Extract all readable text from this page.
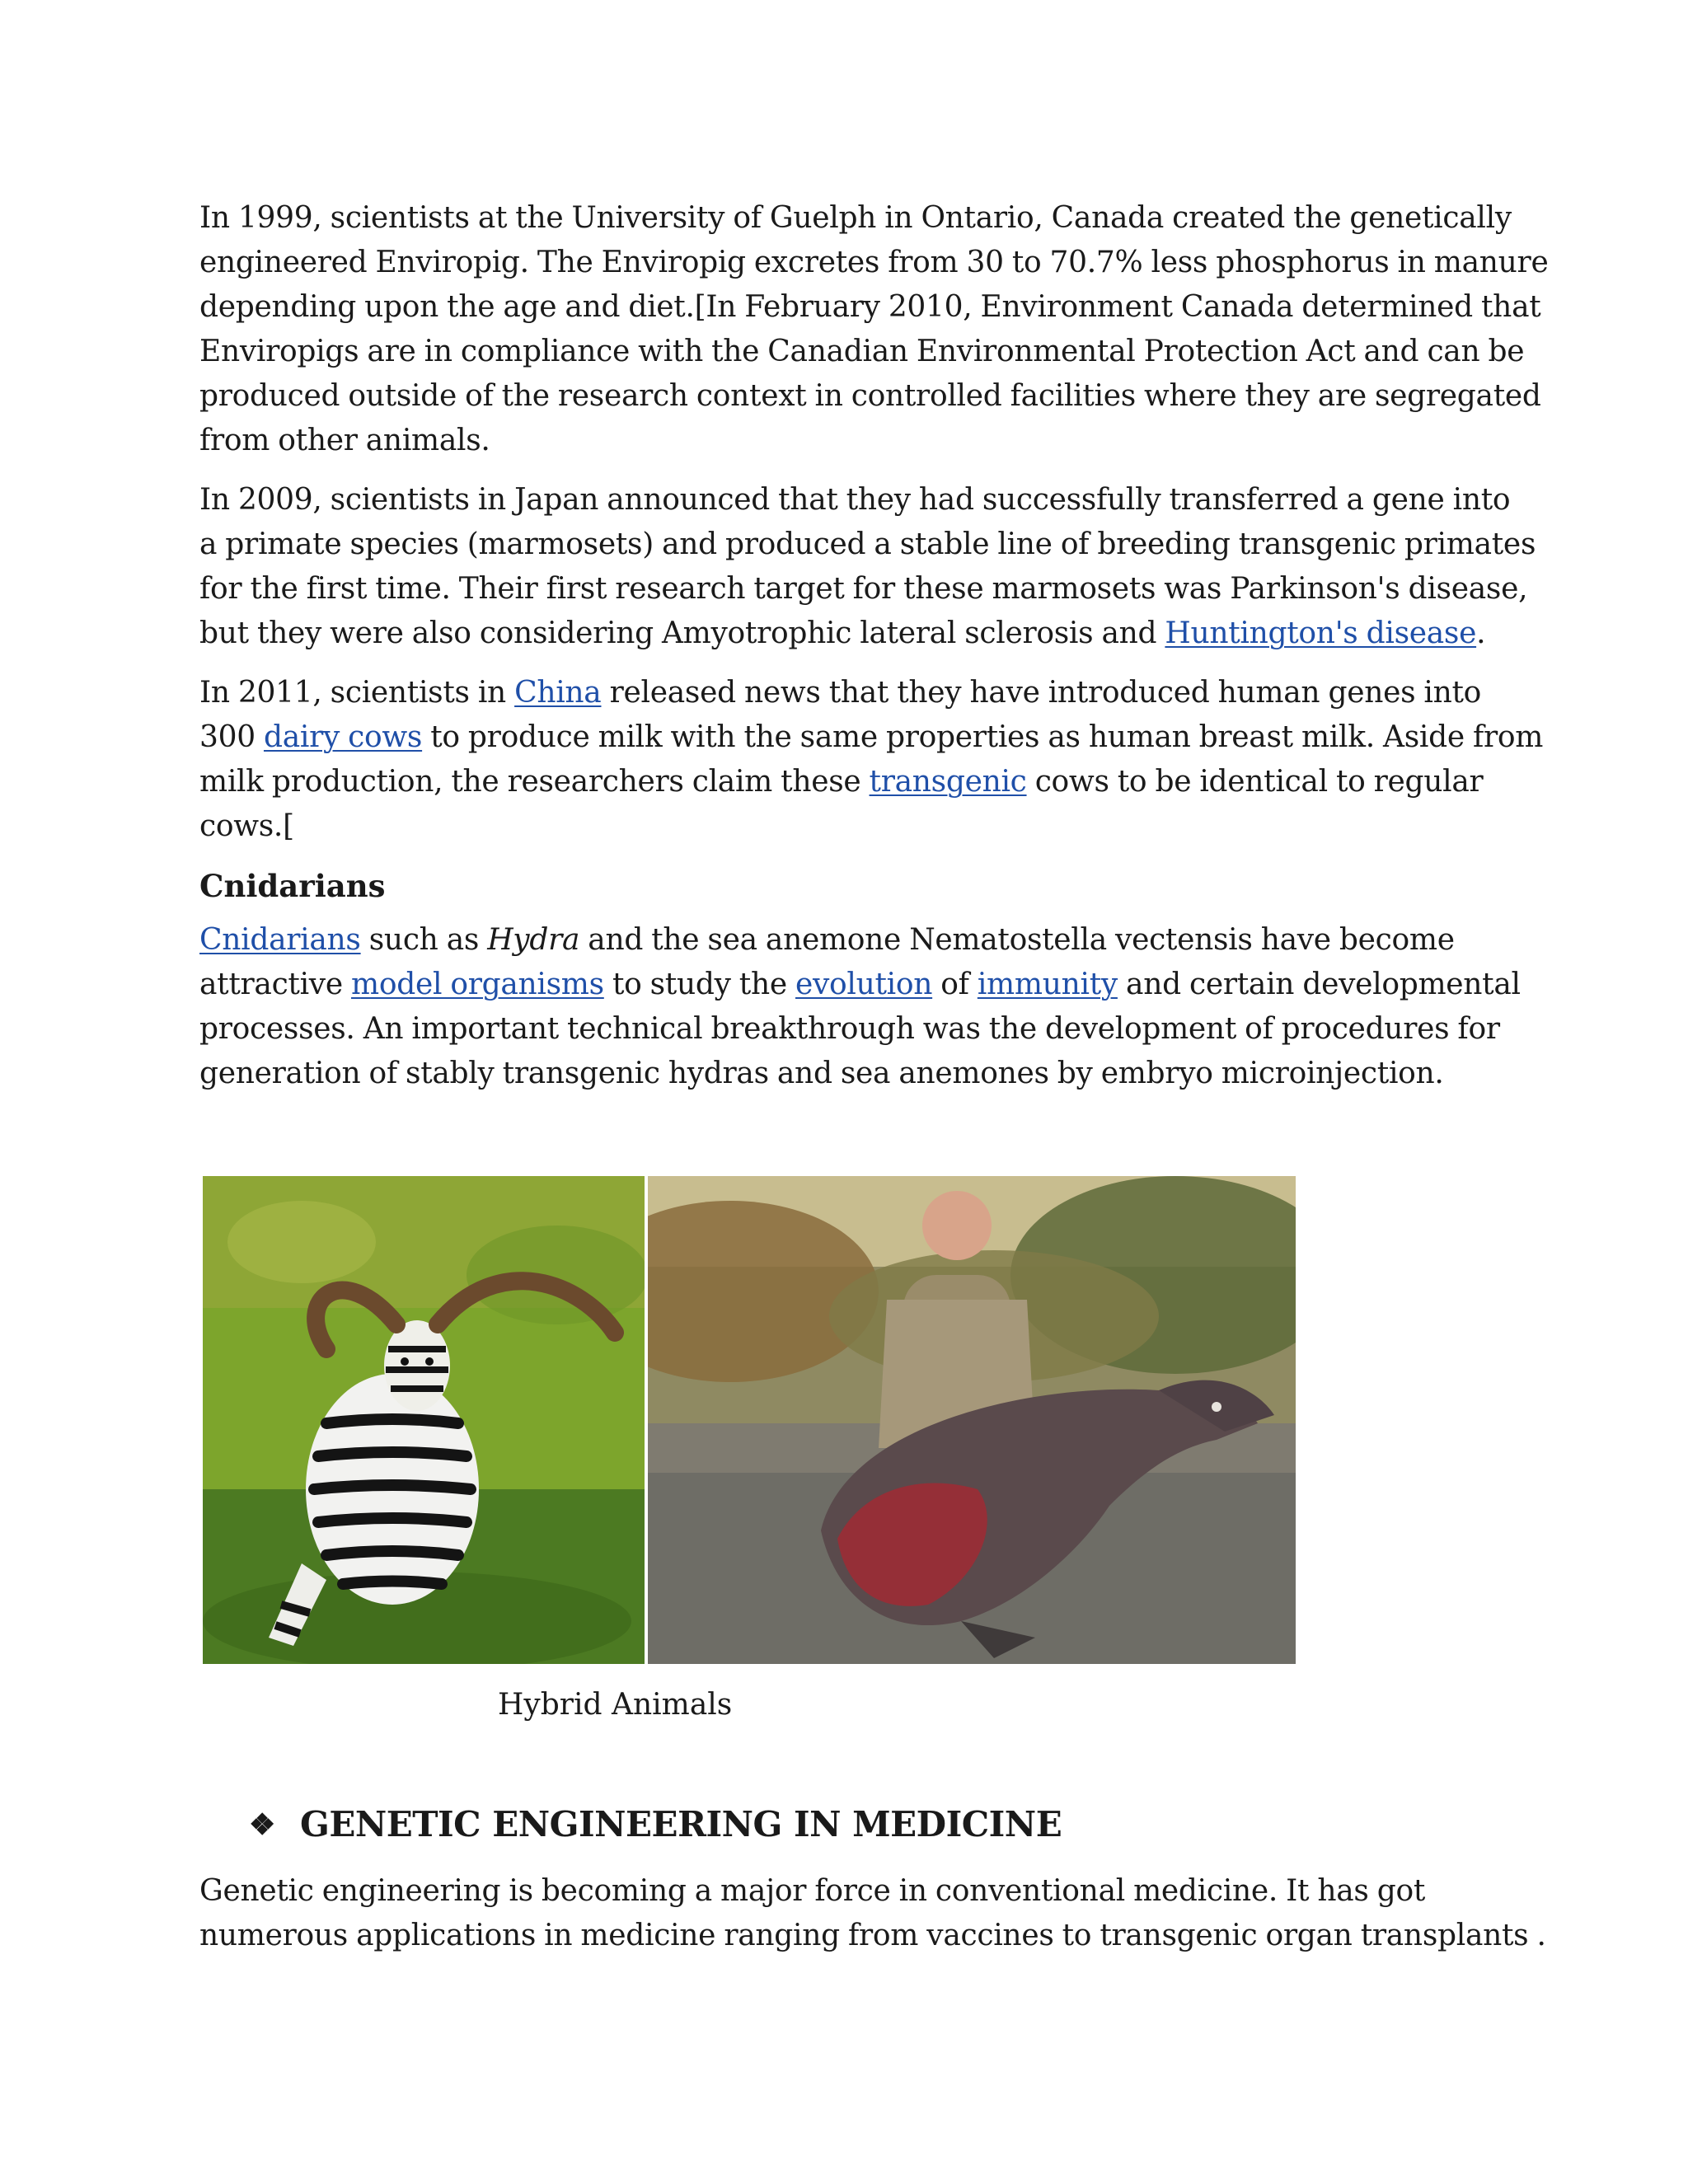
In 1999, scientists at the University of Guelph in Ontario, Canada created the genetically
engineered Enviropig. The Enviropig excretes from 30 to 70.7% less phosphorus in manure
depending upon the age and diet.[In February 2010, Environment Canada determined that
Enviropigs are in compliance with the Canadian Environmental Protection Act and can be
produced outside of the research context in controlled facilities where they are segregated
from other animals.

In 2009, scientists in Japan announced that they had successfully transferred a gene into
a primate species (marmosets) and produced a stable line of breeding transgenic primates
for the first time. Their first research target for these marmosets was Parkinson's disease,
but they were also considering Amyotrophic lateral sclerosis and Huntington's disease.

In 2011, scientists in China released news that they have introduced human genes into
300 dairy cows to produce milk with the same properties as human breast milk. Aside from
milk production, the researchers claim these transgenic cows to be identical to regular
cows.[

Cnidarians

Cnidarians such as Hydra and the sea anemone Nematostella vectensis have become
attractive model organisms to study the evolution of immunity and certain developmental
processes. An important technical breakthrough was the development of procedures for
generation of stably transgenic hydras and sea anemones by embryo microinjection.

Hybrid Animals
❖ GENETIC ENGINEERING IN MEDICINE

Genetic engineering is becoming a major force in conventional medicine. It has got
numerous applications in medicine ranging from vaccines to transgenic organ transplants .
